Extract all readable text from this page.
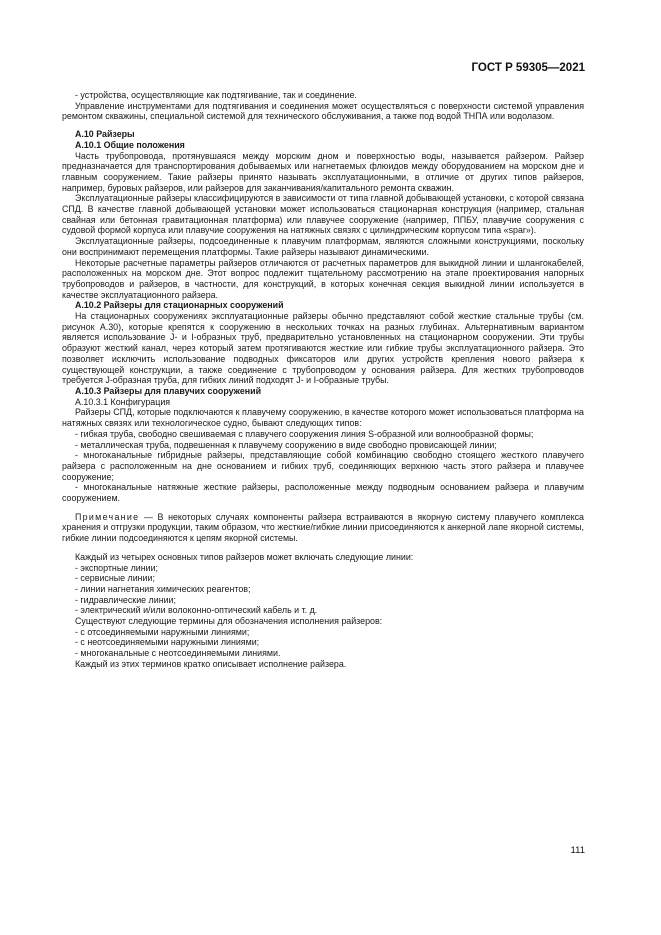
ГОСТ Р 59305—2021

- устройства, осуществляющие как подтягивание, так и соединение.

Управление инструментами для подтягивания и соединения может осуществляться с поверхности системой управления ремонтом скважины, специальной системой для технического обслуживания, а также под водой ТНПА или водолазом.

А.10 Райзеры

А.10.1 Общие положения

Часть трубопровода, протянувшаяся между морским дном и поверхностью воды, называется райзером. Райзер предназначается для транспортирования добываемых или нагнетаемых флюидов между оборудованием на морском дне и главным сооружением. Такие райзеры принято называть эксплуатационными, в отличие от других типов райзеров, например, буровых райзеров, или райзеров для заканчивания/капитального ремонта скважин.

Эксплуатационные райзеры классифицируются в зависимости от типа главной добывающей установки, с которой связана СПД. В качестве главной добывающей установки может использоваться стационарная конструкция (например, стальная свайная или бетонная гравитационная платформа) или плавучее сооружение (например, ППБУ, плавучие сооружения с судовой формой корпуса или плавучие сооружения на натяжных связях с цилиндрическим корпусом типа «spar»).

Эксплуатационные райзеры, подсоединенные к плавучим платформам, являются сложными конструкциями, поскольку они воспринимают перемещения платформы. Такие райзеры называют динамическими.

Некоторые расчетные параметры райзеров отличаются от расчетных параметров для выкидной линии и шлангокабелей, расположенных на морском дне. Этот вопрос подлежит тщательному рассмотрению на этапе проектирования напорных трубопроводов и райзеров, в частности, для конструкций, в которых конечная секция выкидной линии используется в качестве эксплуатационного райзера.

А.10.2 Райзеры для стационарных сооружений

На стационарных сооружениях эксплуатационные райзеры обычно представляют собой жесткие стальные трубы (см. рисунок А.30), которые крепятся к сооружению в нескольких точках на разных глубинах. Альтернативным вариантом является использование J- и I-образных труб, предварительно установленных на стационарном сооружении. Эти трубы образуют жесткий канал, через который затем протягиваются жесткие или гибкие трубы эксплуатационного райзера. Это позволяет исключить использование подводных фиксаторов или других устройств крепления нового райзера к существующей конструкции, а также соединение с трубопроводом у основания райзера. Для жестких трубопроводов требуется J-образная труба, для гибких линий подходят J- и I-образные трубы.

А.10.3 Райзеры для плавучих сооружений

А.10.3.1 Конфигурация

Райзеры СПД, которые подключаются к плавучему сооружению, в качестве которого может использоваться платформа на натяжных связях или технологическое судно, бывают следующих типов:

- гибкая труба, свободно свешиваемая с плавучего сооружения линия S-образной или волнообразной формы;

- металлическая труба, подвешенная к плавучему сооружению в виде свободно провисающей линии;

- многоканальные гибридные райзеры, представляющие собой комбинацию свободно стоящего жесткого плавучего райзера с расположенным на дне основанием и гибких труб, соединяющих верхнюю часть этого райзера и плавучее сооружение;

- многоканальные натяжные жесткие райзеры, расположенные между подводным основанием райзера и плавучим сооружением.

Примечание — В некоторых случаях компоненты райзера встраиваются в якорную систему плавучего комплекса хранения и отгрузки продукции, таким образом, что жесткие/гибкие линии присоединяются к анкерной лапе якорной системы, гибкие линии подсоединяются к цепям якорной системы.

Каждый из четырех основных типов райзеров может включать следующие линии:

- экспортные линии;

- сервисные линии;

- линии нагнетания химических реагентов;

- гидравлические линии;

- электрический и/или волоконно-оптический кабель и т. д.

Существуют следующие термины для обозначения исполнения райзеров:

- с отсоединяемыми наружными линиями;

- с неотсоединяемыми наружными линиями;

- многоканальные с неотсоединяемыми линиями.

Каждый из этих терминов кратко описывает исполнение райзера.

111
